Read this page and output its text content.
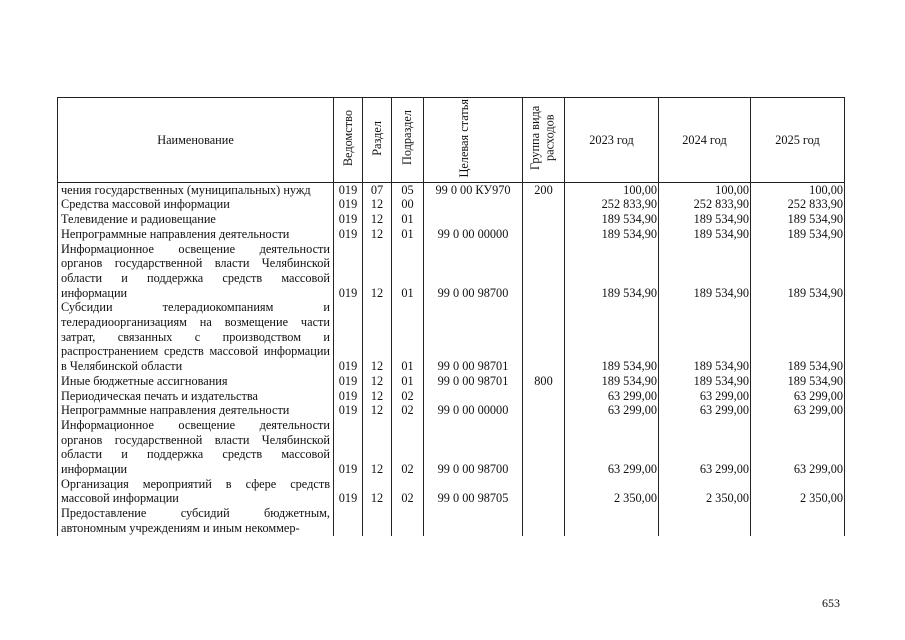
Наименование	Ведомство	Раздел	Подраздел	Целевая статья	Группа вида расходов	2023 год	2024 год	2025 год
чения государственных (муниципальных) нужд	019	07	05	99 0 00 КУ970	200	100,00	100,00	100,00
Средства массовой информации	019	12	00			252 833,90	252 833,90	252 833,90
Телевидение и радиовещание	019	12	01			189 534,90	189 534,90	189 534,90
Непрограммные направления деятельности	019	12	01	99 0 00 00000		189 534,90	189 534,90	189 534,90
Информационное освещение деятельности органов государственной власти Челябинской области и поддержка средств массовой информации	019	12	01	99 0 00 98700		189 534,90	189 534,90	189 534,90
Субсидии телерадиокомпаниям и телерадиоорганизациям на возмещение части затрат, связанных с производством и распространением средств массовой информации в Челябинской области	019	12	01	99 0 00 98701		189 534,90	189 534,90	189 534,90
Иные бюджетные ассигнования	019	12	01	99 0 00 98701	800	189 534,90	189 534,90	189 534,90
Периодическая печать и издательства	019	12	02			63 299,00	63 299,00	63 299,00
Непрограммные направления деятельности	019	12	02	99 0 00 00000		63 299,00	63 299,00	63 299,00
Информационное освещение деятельности органов государственной власти Челябинской области и поддержка средств массовой информации	019	12	02	99 0 00 98700		63 299,00	63 299,00	63 299,00
Организация мероприятий в сфере средств массовой информации	019	12	02	99 0 00 98705		2 350,00	2 350,00	2 350,00
Предоставление субсидий бюджетным, автономным учреждениям и иным некоммер-								
653
